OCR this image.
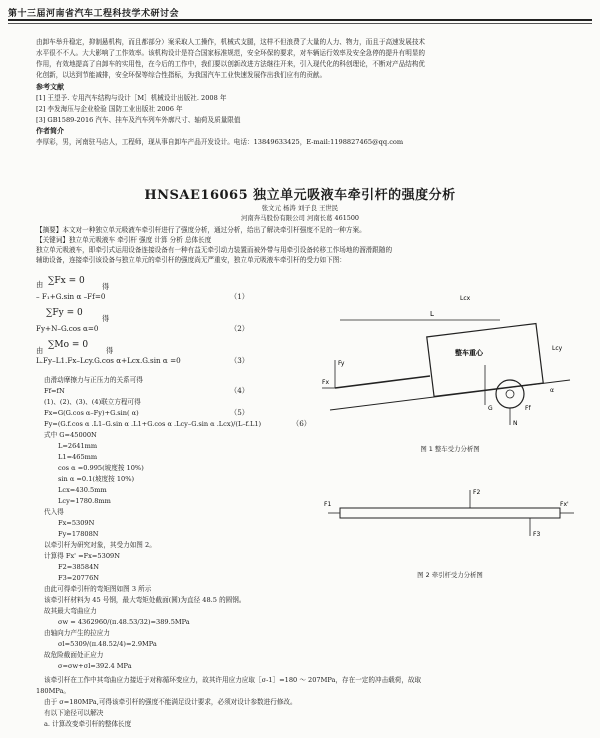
第十三届河南省汽车工程科技学术研讨会
由卸车举升稳定，抑制悬机构，而且都部分）案采取人工操作，机械式支腿，这样不但浪费了大量的人力、物力，而且于高速发展技术
水平很不不人。大大影响了工作效率。该机构设计是符合国家标准规范，安全环保的要求，对车辆运行效率及安全急停的提升有明显的
作用，有效地提高了自卸车的实用性，在今后的工作中，我们要以创新改进方法继往开来，引入现代化的科创理论，不断对产品结构优
化创新，以达到节能减排，安全环保等综合性指标，为我国汽车工业快速发展作出我们应有的贡献。
参考文献
[1] 王望予. 专用汽车结构与设计［M］机械设计出版社. 2008 年
[2] 李发海压与企业检验 国防工业出版社 2006 年
[3] GB1589-2016 汽车、挂车及汽车列车外廓尺寸、轴荷及质量限值
作者简介
李厚彩，男，河南驻马店人，工程师，现从事自卸车产品开发设计。电话：13849633425，E-mail:1198827465@qq.com
HNSAE16065 独立单元吸液车牵引杆的强度分析
张文元 杨涛 刘子良 王世民
河南奔马股份有限公司 河南长葛 461500
【摘要】本文对一种独立单元吸液车牵引杆进行了强度分析，通过分析，给出了解决牵引杆强度不足的一种方案。
【关键词】独立单元吸液车 牵引杆 强度 计算 分析 总体长度
独立单元吸液车，即牵引式运用设备连接设备有一种有益无牵引动力装置而被外带与用牵引设备转移工作场地的溜滑跟随的
辅助设备，连接牵引该设备与独立单元的牵引杆的强度尚无严重安，独立单元吸液车牵引杆的受力如下图：
由 ∑Fx = 0
得
– F₁+G.sin α –Ff=0	（1）
∑Fy = 0
得
Fy+N–G.cos α=0	（2）
由
∑Mo = 0
得
L.Fy–L1.Fx–Lcy.G.cos α+Lcx.G.sin α =0	（3）
由滑动摩擦力与正压力的关系可得
Ff=fN	（4）
(1)、(2)、(3)、(4)联立方程可得
Fx=G(G.cos α–Fy)+G.sin( α)	（5）
Fy=(G.f.cos α .L1–G.sin α .L1+G.cos α .Lcy–G.sin α .Lcx)/(L–f.L1)	（6）
式中 G=45000N
L=2641mm
L1=465mm
cos α =0.995(坡度按 10%)
sin α =0.1(坡度按 10%)
Lcx=430.5mm
Lcy=1780.8mm
代入得
Fx=5309N
Fy=17808N
以牵引杆为研究对象，其受力如图 2。
计算得 Fx' =Fx=5309N
F2=38584N
F3=20776N
由此可得牵引杆的弯矩图如图 3 所示
该牵引杆材料为 45 号钢，最大弯矩处截面(圆)为直径 48.5 的圆钢。
故其最大弯曲应力
σw = 4362960/(π.48.53/32)=389.5MPa
由轴向力产生的拉应力
σl=5309/(π.48.52/4)=2.9MPa
故危险截面处正应力
σ=σw+σl=392.4 MPa
该牵引杆在工作中其弯曲应力接近于对称循环变应力，故其许用应力应取［σ-1］=180 ～ 207MPa，存在一定的冲击载荷，故取
180MPa。
由于 σ=180MPa,可得该牵引杆的强度不能满足设计要求，必须对设计参数进行修改。
有以下途径可以解决
a. 计算改变牵引杆的整体长度
L
整车重心
Fy
Fx
G
N
Ff
α
Lcx
Lcy
图 1 整车受力分析图
F1
F2
F3
Fx'
图 2 牵引杆受力分析图
